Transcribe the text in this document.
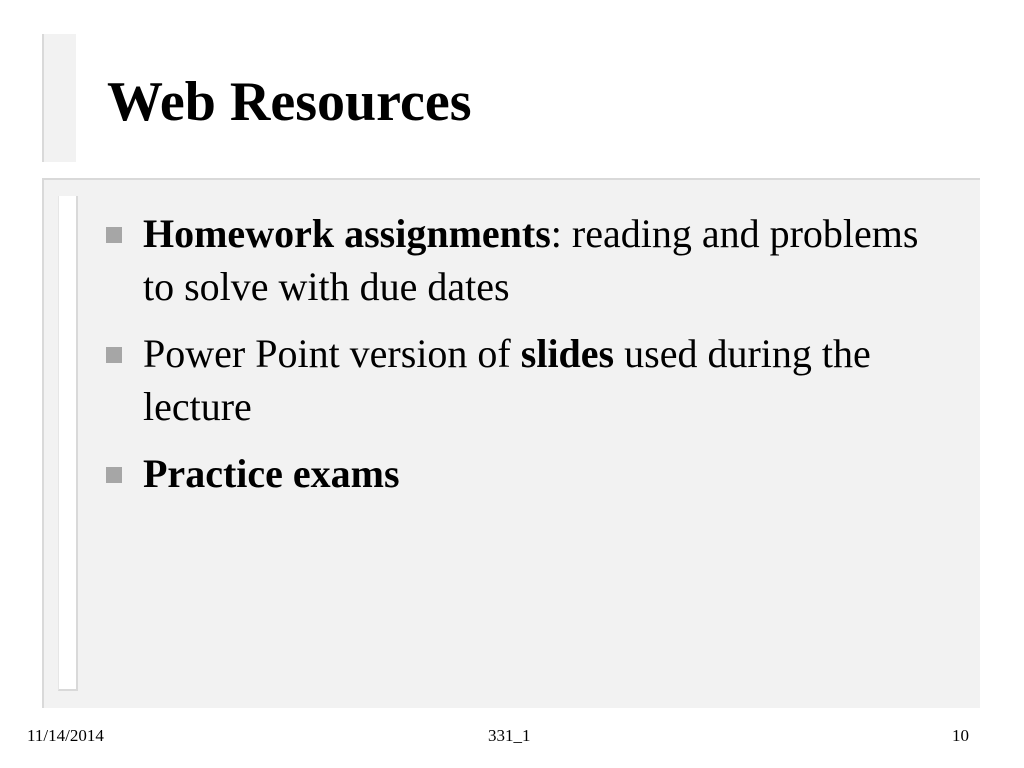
Web Resources
Homework assignments: reading and problems to solve with due dates
Power Point version of slides used during the lecture
Practice exams
11/14/2014	331_1	10
